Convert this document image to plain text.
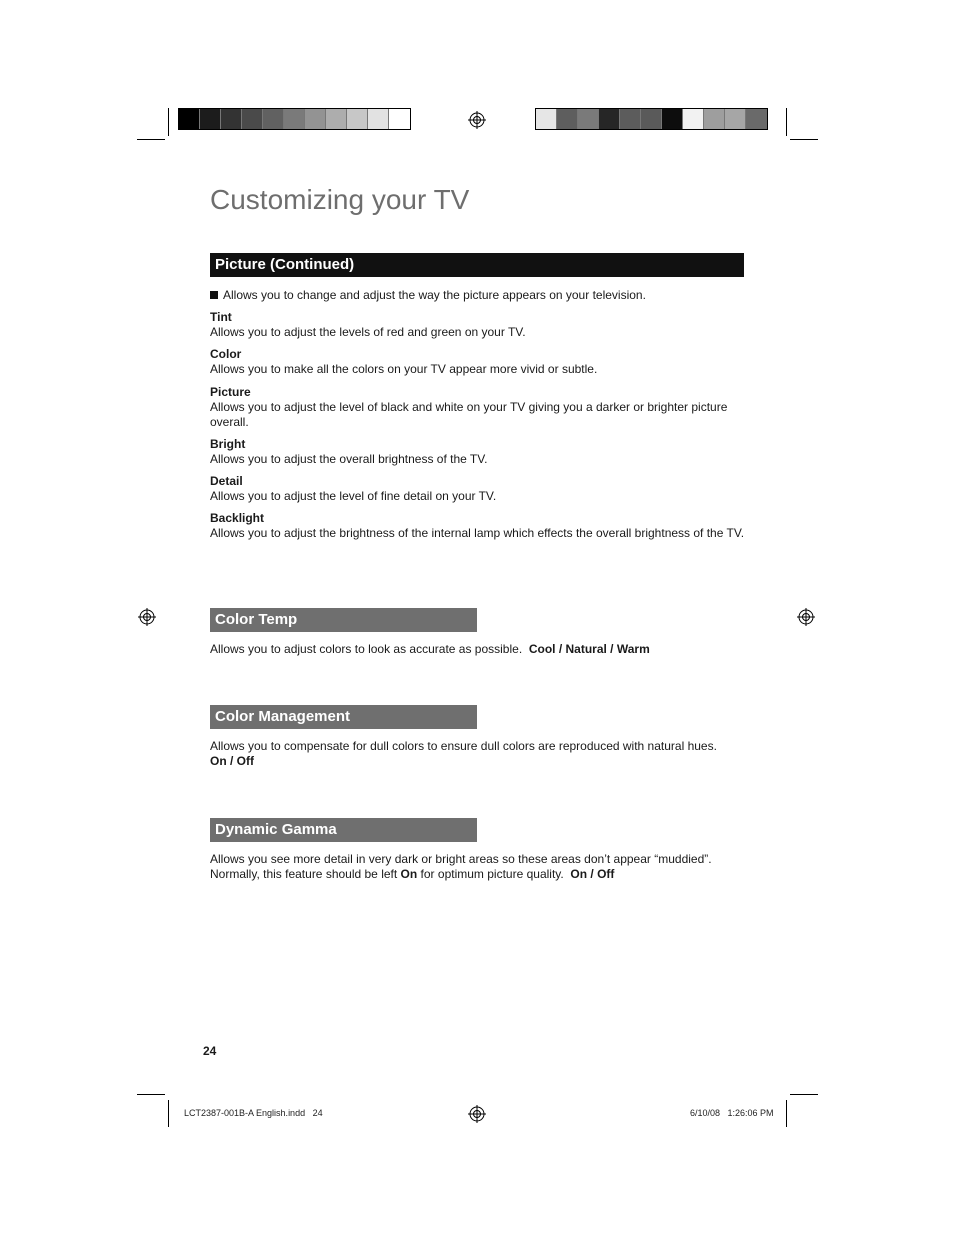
Customizing your TV
Picture (Continued)
Allows you to change and adjust the way the picture appears on your television.
Tint
Allows you to adjust the levels of red and green on your TV.
Color
Allows you to make all the colors on your TV appear more vivid or subtle.
Picture
Allows you to adjust the level of black and white on your TV giving you a darker or brighter picture overall.
Bright
Allows you to adjust the overall brightness of the TV.
Detail
Allows you to adjust the level of fine detail on your TV.
Backlight
Allows you to adjust the brightness of the internal lamp which effects the overall brightness of the TV.
Color Temp
Allows you to adjust colors to look as accurate as possible. Cool / Natural / Warm
Color Management
Allows you to compensate for dull colors to ensure dull colors are reproduced with natural hues.
On / Off
Dynamic Gamma
Allows you see more detail in very dark or bright areas so these areas don’t appear “muddied”. Normally, this feature should be left On for optimum picture quality. On / Off
24
LCT2387-001B-A English.indd   24	6/10/08   1:26:06 PM
